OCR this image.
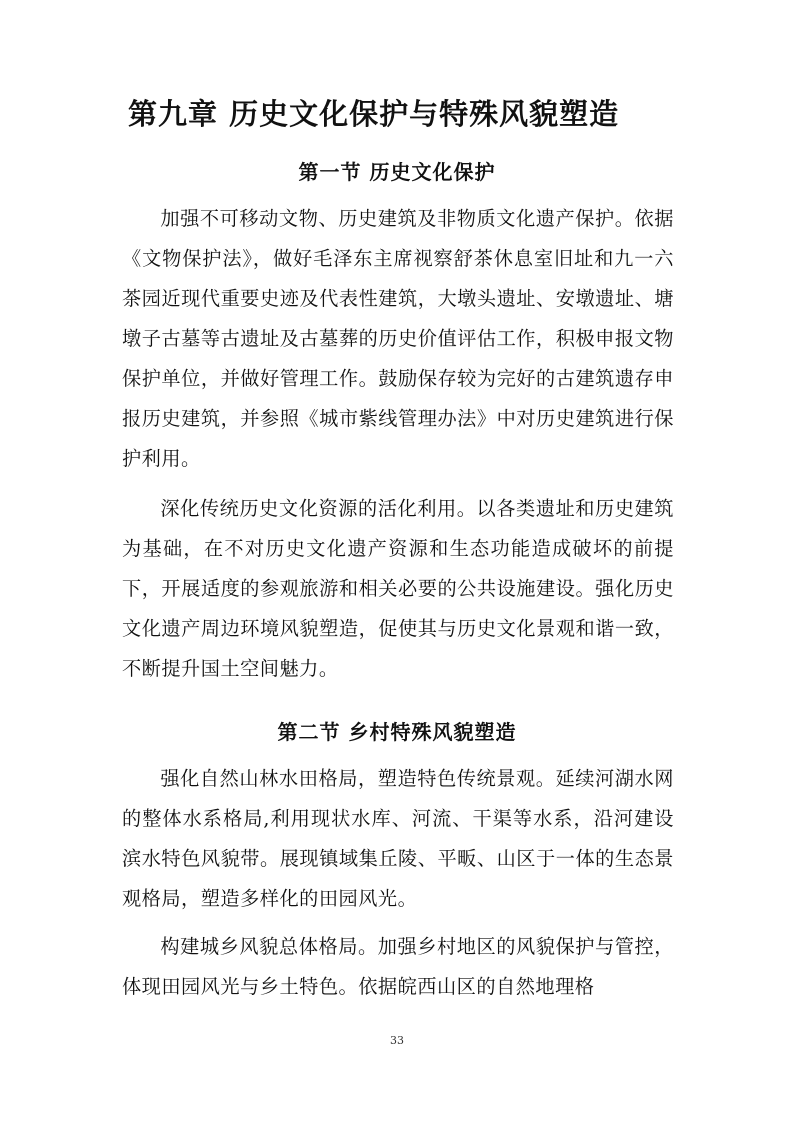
第九章 历史文化保护与特殊风貌塑造
第一节 历史文化保护

加强不可移动文物、历史建筑及非物质文化遗产保护。依据《文物保护法》，做好毛泽东主席视察舒茶休息室旧址和九一六茶园近现代重要史迹及代表性建筑，大墩头遗址、安墩遗址、塘墩子古墓等古遗址及古墓葬的历史价值评估工作，积极申报文物保护单位，并做好管理工作。鼓励保存较为完好的古建筑遗存申报历史建筑，并参照《城市紫线管理办法》中对历史建筑进行保护利用。

深化传统历史文化资源的活化利用。以各类遗址和历史建筑为基础，在不对历史文化遗产资源和生态功能造成破坏的前提下，开展适度的参观旅游和相关必要的公共设施建设。强化历史文化遗产周边环境风貌塑造，促使其与历史文化景观和谐一致，不断提升国土空间魅力。

第二节 乡村特殊风貌塑造

强化自然山林水田格局，塑造特色传统景观。延续河湖水网的整体水系格局,利用现状水库、河流、干渠等水系，沿河建设滨水特色风貌带。展现镇域集丘陵、平畈、山区于一体的生态景观格局，塑造多样化的田园风光。

构建城乡风貌总体格局。加强乡村地区的风貌保护与管控，体现田园风光与乡土特色。依据皖西山区的自然地理格

33
